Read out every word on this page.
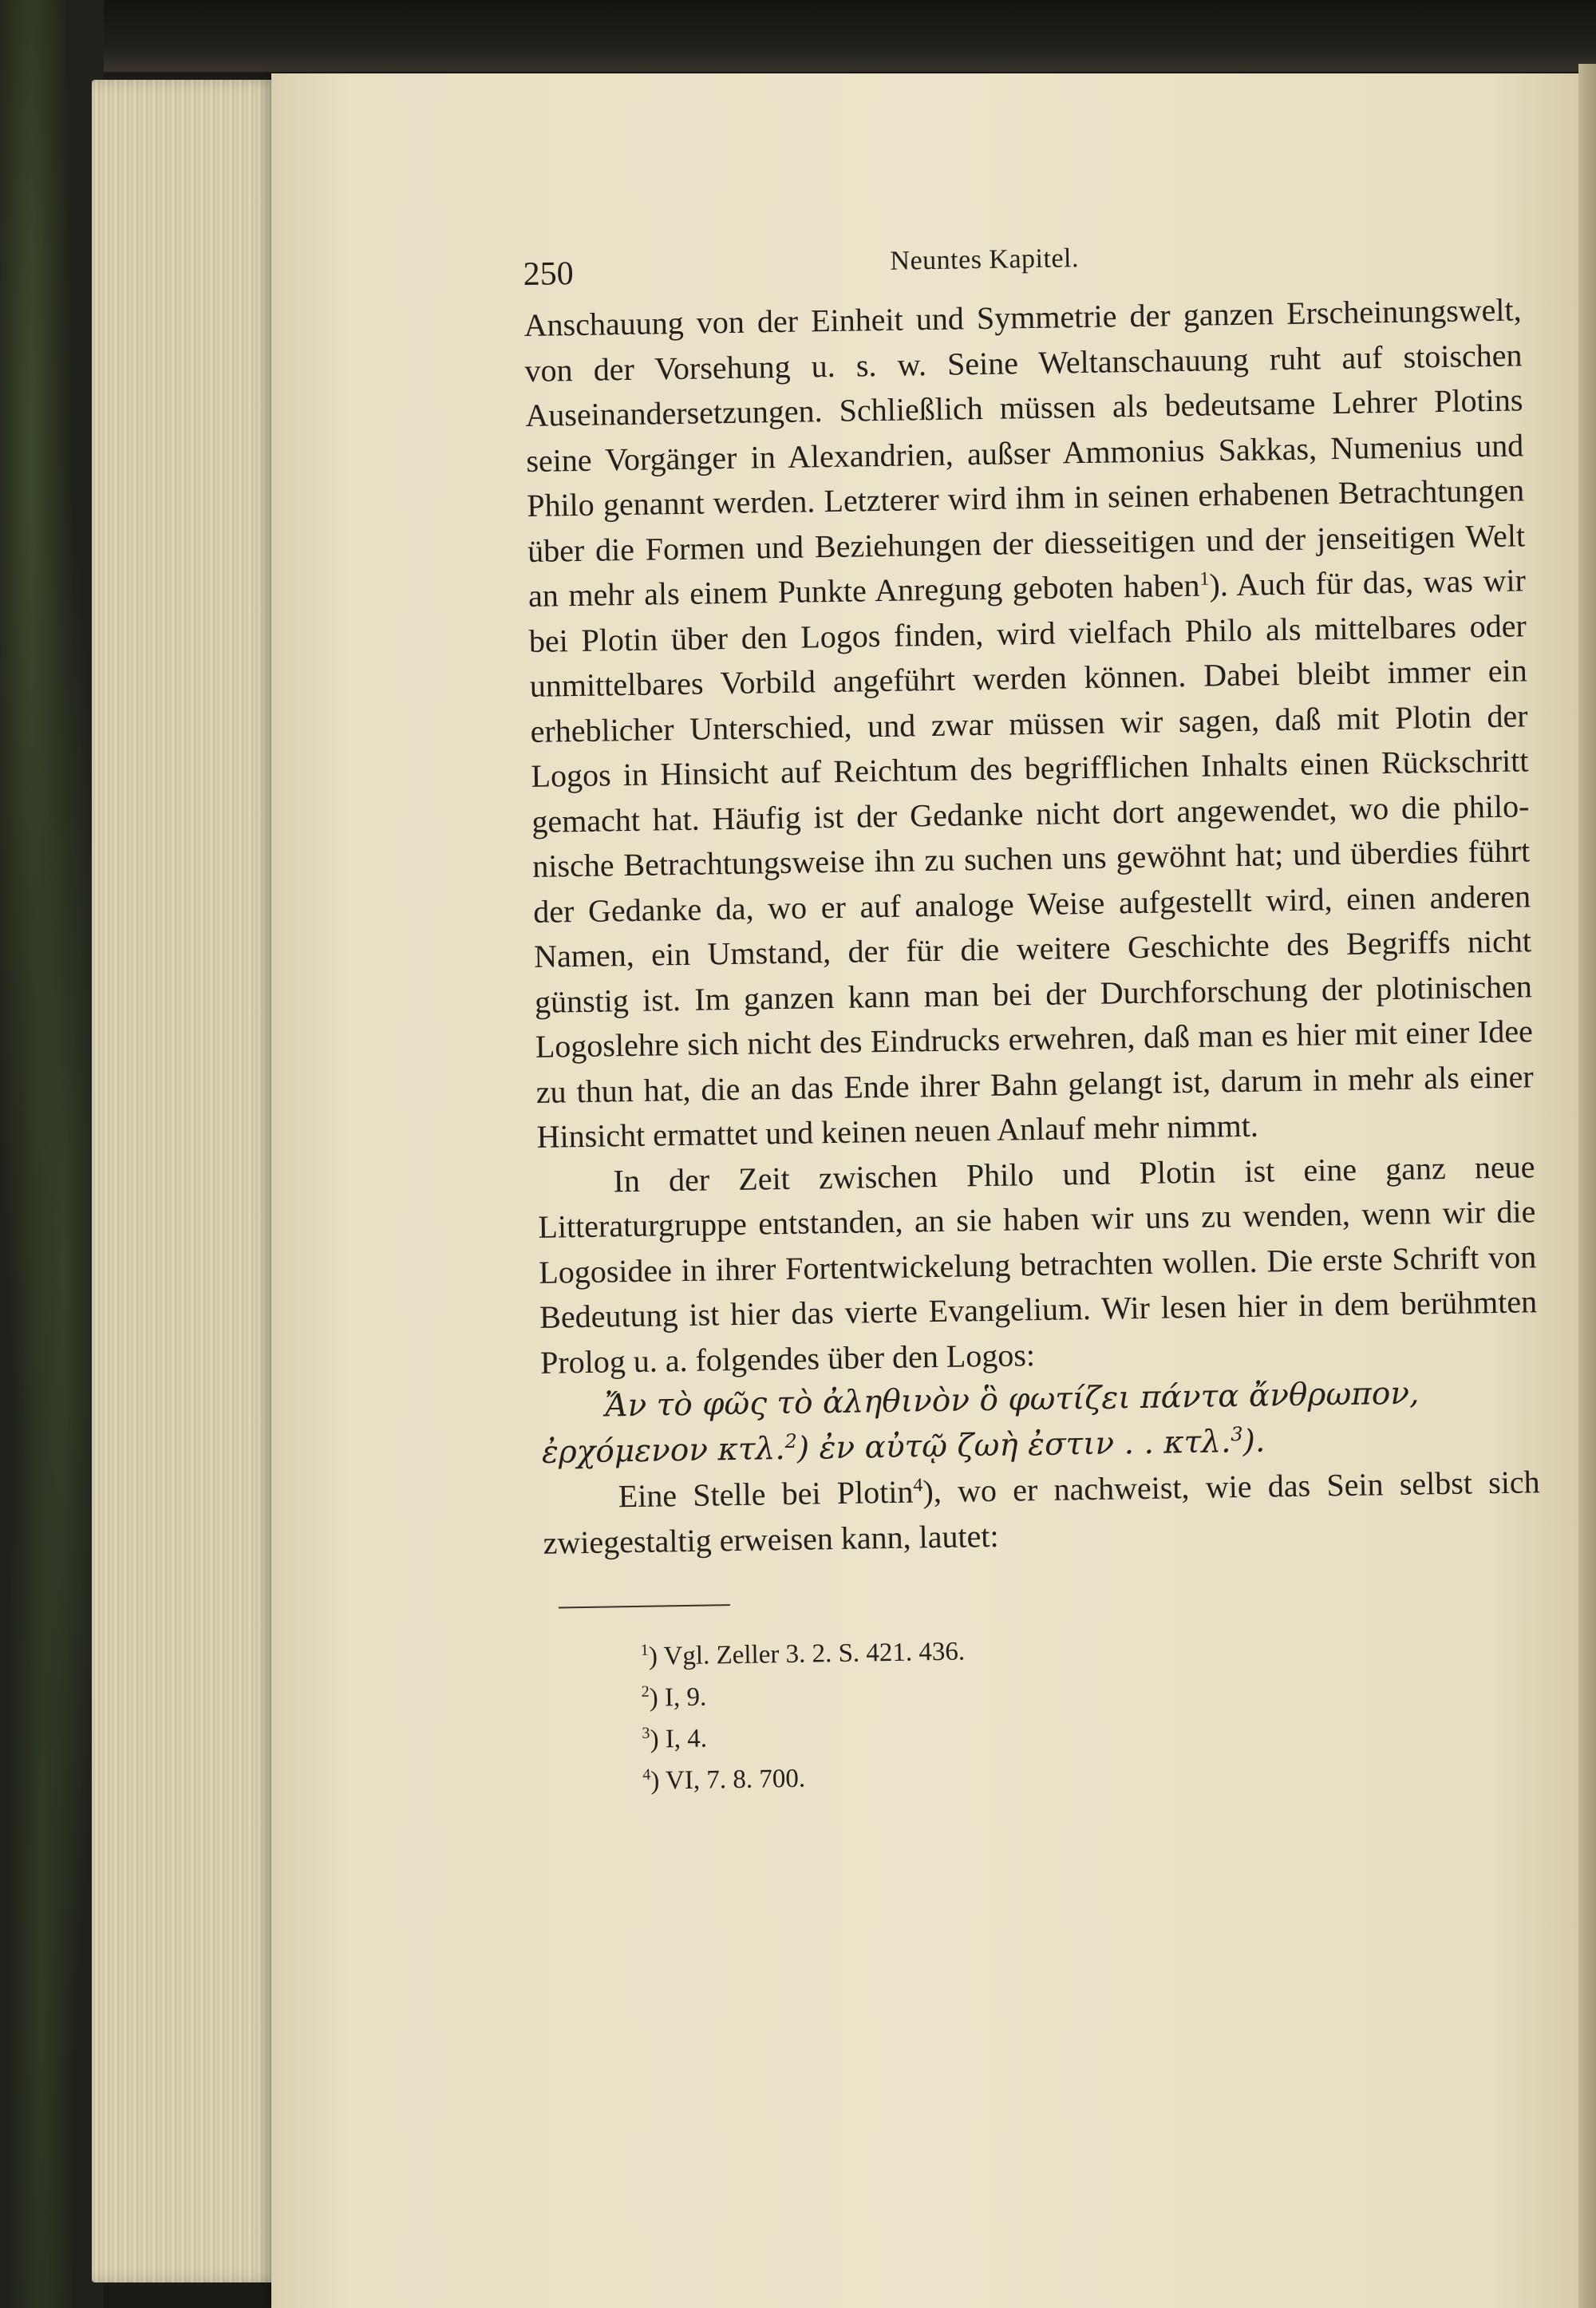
250	Neuntes Kapitel.

Anschauung von der Einheit und Symmetrie der ganzen Erscheinungswelt, von der Vorsehung u. s. w. Seine Weltanschauung ruht auf stoischen Auseinandersetzungen. Schließlich müssen als bedeutsame Lehrer Plotins seine Vorgänger in Alexandrien, außser Ammonius Sakkas, Numenius und Philo genannt werden. Letzterer wird ihm in seinen erhabenen Betrachtungen über die Formen und Beziehungen der diesseitigen und der jenseitigen Welt an mehr als einem Punkte Anregung geboten haben$^1$). Auch für das, was wir bei Plotin über den Logos finden, wird vielfach Philo als mittelbares oder unmittelbares Vorbild angeführt werden können. Dabei bleibt immer ein erheblicher Unterschied, und zwar müssen wir sagen, daß mit Plotin der Logos in Hinsicht auf Reichtum des begrifflichen Inhalts einen Rückschritt gemacht hat. Häufig ist der Gedanke nicht dort angewendet, wo die philonische Betrachtungsweise ihn zu suchen uns gewöhnt hat; und überdies führt der Gedanke da, wo er auf analoge Weise aufgestellt wird, einen anderen Namen, ein Umstand, der für die weitere Geschichte des Begriffs nicht günstig ist. Im ganzen kann man bei der Durchforschung der plotinischen Logoslehre sich nicht des Eindrucks erwehren, daß man es hier mit einer Idee zu thun hat, die an das Ende ihrer Bahn gelangt ist, darum in mehr als einer Hinsicht ermattet und keinen neuen Anlauf mehr nimmt.

In der Zeit zwischen Philo und Plotin ist eine ganz neue Litteraturgruppe entstanden, an sie haben wir uns zu wenden, wenn wir die Logosidee in ihrer Fortentwickelung betrachten wollen. Die erste Schrift von Bedeutung ist hier das vierte Evangelium. Wir lesen hier in dem berühmten Prolog u. a. folgendes über den Logos:

Ἄν τὸ φῶς τὸ ἀληθινὸν ὃ φωτίζει πάντα ἄνθρωπον,
ἐρχόμενον κτλ.$^2$) ἐν αὐτῷ ζωὴ ἐστιν . . κτλ.$^3$).

Eine Stelle bei Plotin$^4$), wo er nachweist, wie das Sein selbst sich zwiegestaltig erweisen kann, lautet:

$^1$) Vgl. Zeller 3. 2. S. 421. 436.
$^2$) I, 9.
$^3$) I, 4.
$^4$) VI, 7. 8. 700.
